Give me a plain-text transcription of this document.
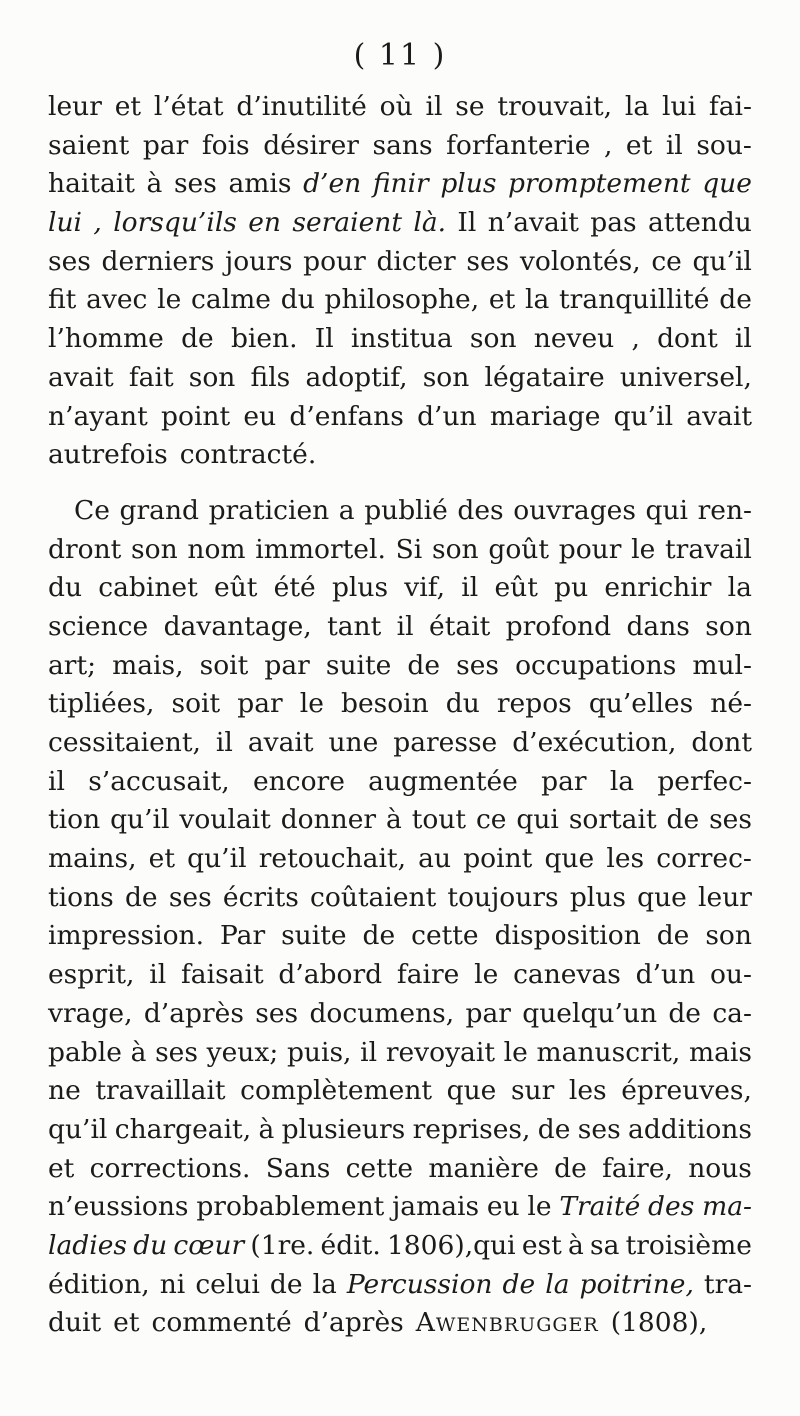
( 11 )
leur et l’état d’inutilité où il se trouvait, la lui fai-
saient par fois désirer sans forfanterie , et il sou-
haitait à ses amis d’en finir plus promptement que
lui , lorsqu’ils en seraient là. Il n’avait pas attendu
ses derniers jours pour dicter ses volontés, ce qu’il
fit avec le calme du philosophe, et la tranquillité de
l’homme de bien. Il institua son neveu , dont il
avait fait son fils adoptif, son légataire universel,
n’ayant point eu d’enfans d’un mariage qu’il avait
autrefois contracté.
Ce grand praticien a publié des ouvrages qui ren-
dront son nom immortel. Si son goût pour le travail
du cabinet eût été plus vif, il eût pu enrichir la
science davantage, tant il était profond dans son
art; mais, soit par suite de ses occupations mul-
tipliées, soit par le besoin du repos qu’elles né-
cessitaient, il avait une paresse d’exécution, dont
il s’accusait, encore augmentée par la perfec-
tion qu’il voulait donner à tout ce qui sortait de ses
mains, et qu’il retouchait, au point que les correc-
tions de ses écrits coûtaient toujours plus que leur
impression. Par suite de cette disposition de son
esprit, il faisait d’abord faire le canevas d’un ou-
vrage, d’après ses documens, par quelqu’un de ca-
pable à ses yeux; puis, il revoyait le manuscrit, mais
ne travaillait complètement que sur les épreuves,
qu’il chargeait, à plusieurs reprises, de ses additions
et corrections. Sans cette manière de faire, nous
n’eussions probablement jamais eu le Traité des ma-
ladies du cœur (1re. édit. 1806),qui est à sa troisième
édition, ni celui de la Percussion de la poitrine, tra-
duit et commenté d’après Awenbrugger (1808),
